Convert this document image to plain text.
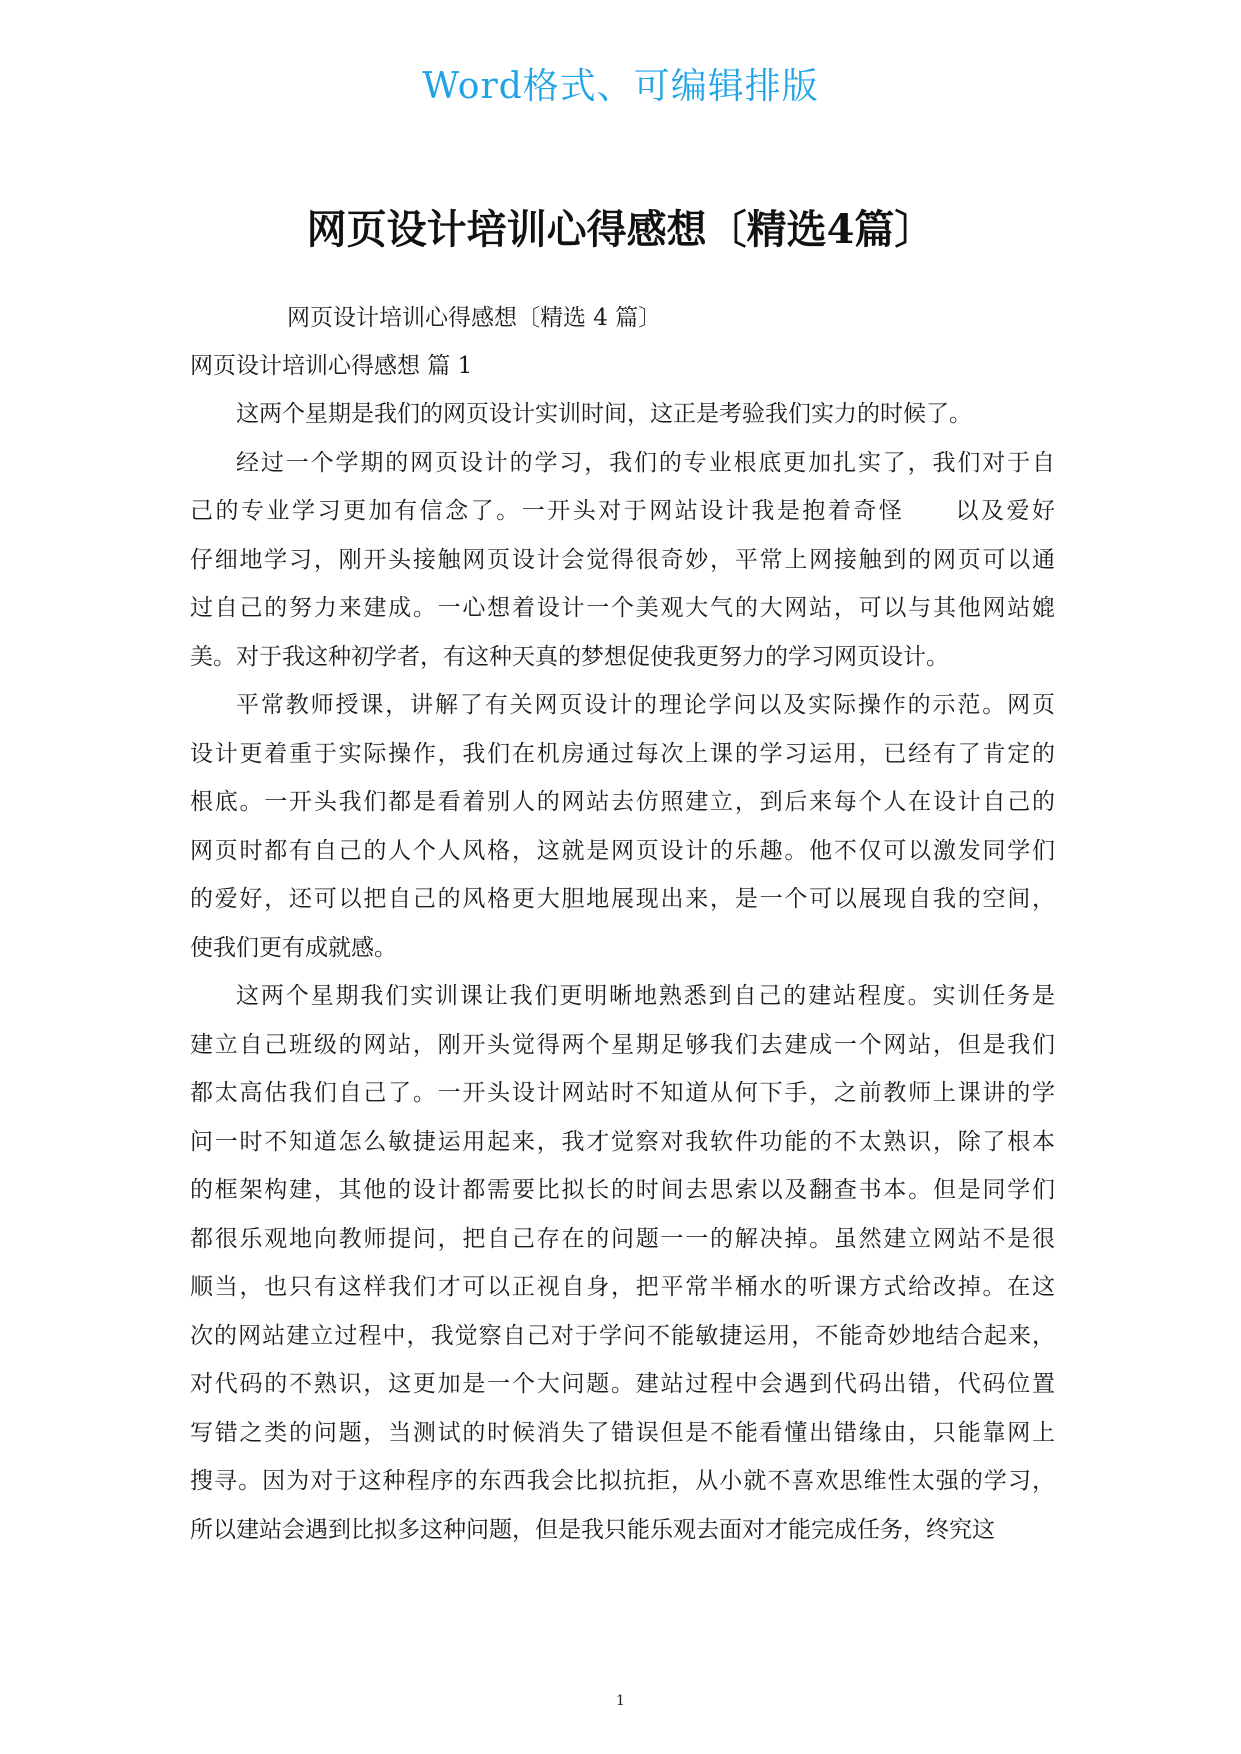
Word格式、可编辑排版
网页设计培训心得感想〔精选4篇〕
网页设计培训心得感想〔精选 4 篇〕
网页设计培训心得感想 篇 1

这两个星期是我们的网页设计实训时间，这正是考验我们实力的时候了。

经过一个学期的网页设计的学习，我们的专业根底更加扎实了，我们对于自

己的专业学习更加有信念了。一开头对于网站设计我是抱着奇怪　　以及爱好

仔细地学习，刚开头接触网页设计会觉得很奇妙，平常上网接触到的网页可以通

过自己的努力来建成。一心想着设计一个美观大气的大网站，可以与其他网站媲

美。对于我这种初学者，有这种天真的梦想促使我更努力的学习网页设计。

平常教师授课，讲解了有关网页设计的理论学问以及实际操作的示范。网页

设计更着重于实际操作，我们在机房通过每次上课的学习运用，已经有了肯定的

根底。一开头我们都是看着别人的网站去仿照建立，到后来每个人在设计自己的

网页时都有自己的人个人风格，这就是网页设计的乐趣。他不仅可以激发同学们

的爱好，还可以把自己的风格更大胆地展现出来，是一个可以展现自我的空间，

使我们更有成就感。

这两个星期我们实训课让我们更明晰地熟悉到自己的建站程度。实训任务是

建立自己班级的网站，刚开头觉得两个星期足够我们去建成一个网站，但是我们

都太高估我们自己了。一开头设计网站时不知道从何下手，之前教师上课讲的学

问一时不知道怎么敏捷运用起来，我才觉察对我软件功能的不太熟识，除了根本

的框架构建，其他的设计都需要比拟长的时间去思索以及翻查书本。但是同学们

都很乐观地向教师提问，把自己存在的问题一一的解决掉。虽然建立网站不是很

顺当，也只有这样我们才可以正视自身，把平常半桶水的听课方式给改掉。在这

次的网站建立过程中，我觉察自己对于学问不能敏捷运用，不能奇妙地结合起来，

对代码的不熟识，这更加是一个大问题。建站过程中会遇到代码出错，代码位置

写错之类的问题，当测试的时候消失了错误但是不能看懂出错缘由，只能靠网上

搜寻。因为对于这种程序的东西我会比拟抗拒，从小就不喜欢思维性太强的学习，

所以建站会遇到比拟多这种问题，但是我只能乐观去面对才能完成任务，终究这

1
